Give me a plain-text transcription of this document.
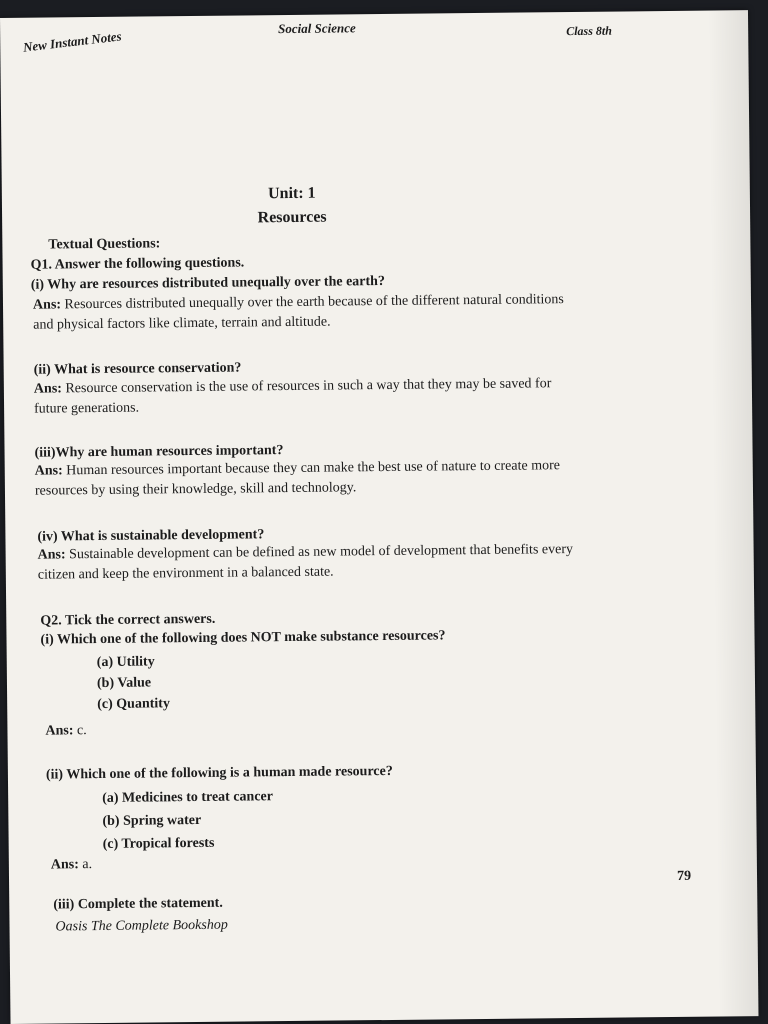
New Instant Notes
Social Science	Class 8th
Unit: 1
Resources
Textual Questions:
Q1. Answer the following questions.
(i) Why are resources distributed unequally over the earth?
Ans: Resources distributed unequally over the earth because of the different natural conditions
and physical factors like climate, terrain and altitude.
(ii) What is resource conservation?
Ans: Resource conservation is the use of resources in such a way that they may be saved for
future generations.
(iii)Why are human resources important?
Ans: Human resources important because they can make the best use of nature to create more
resources by using their knowledge, skill and technology.
(iv) What is sustainable development?
Ans: Sustainable development can be defined as new model of development that benefits every
citizen and keep the environment in a balanced state.
Q2. Tick the correct answers.
(i) Which one of the following does NOT make substance resources?
(a) Utility
(b) Value
(c) Quantity
Ans: c.
(ii) Which one of the following is a human made resource?
(a) Medicines to treat cancer
(b) Spring water
(c) Tropical forests
Ans: a.
(iii) Complete the statement.
79
Oasis The Complete Bookshop
